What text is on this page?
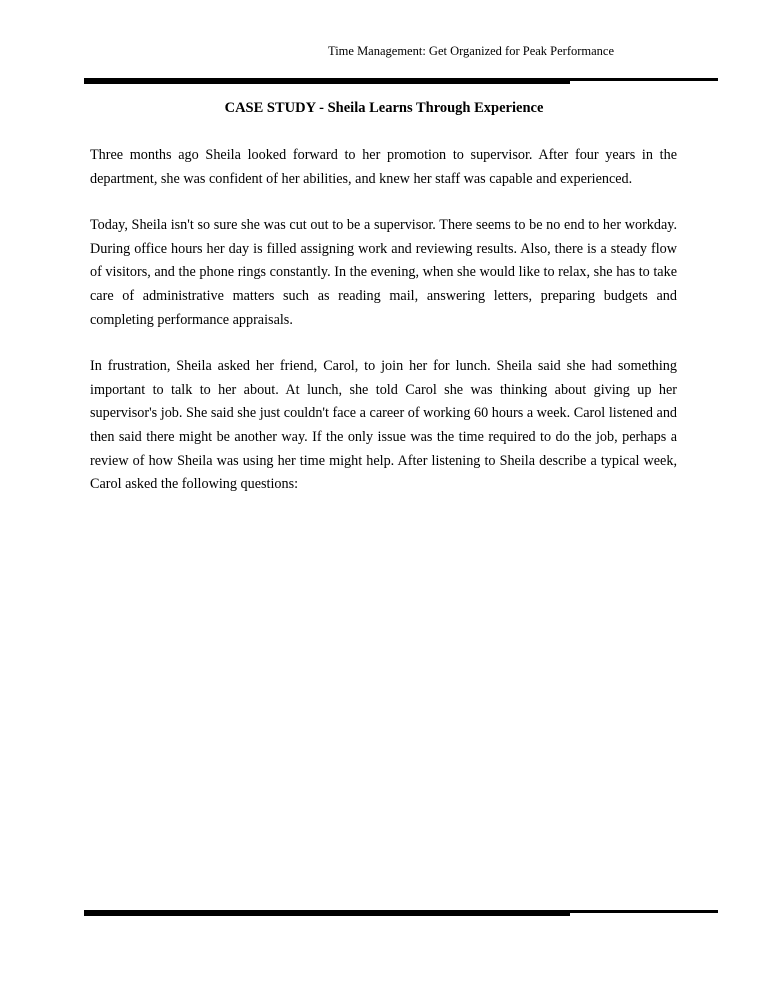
Time Management: Get Organized for Peak Performance
CASE STUDY - Sheila Learns Through Experience

Three months ago Sheila looked forward to her promotion to supervisor. After four years in the department, she was confident of her abilities, and knew her staff was capable and experienced.

Today, Sheila isn't so sure she was cut out to be a supervisor. There seems to be no end to her workday. During office hours her day is filled assigning work and reviewing results. Also, there is a steady flow of visitors, and the phone rings constantly. In the evening, when she would like to relax, she has to take care of administrative matters such as reading mail, answering letters, preparing budgets and completing performance appraisals.

In frustration, Sheila asked her friend, Carol, to join her for lunch. Sheila said she had something important to talk to her about. At lunch, she told Carol she was thinking about giving up her supervisor's job. She said she just couldn't face a career of working 60 hours a week. Carol listened and then said there might be another way. If the only issue was the time required to do the job, perhaps a review of how Sheila was using her time might help. After listening to Sheila describe a typical week, Carol asked the following questions:
